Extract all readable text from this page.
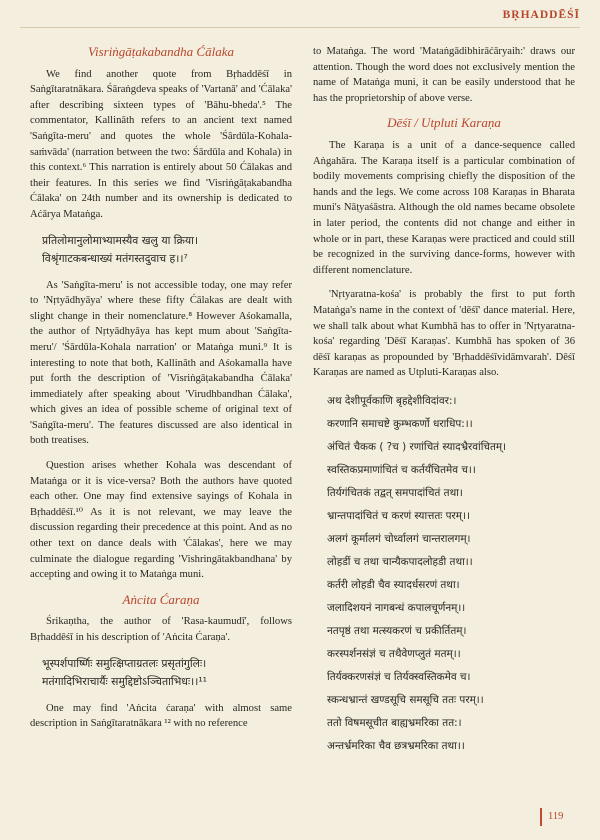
BṚHADDĒŚĪ
Visriṅgāṭakabandha Ćālaka

We find another quote from Bṛhaddēśī in Saṅgītaratnākara. Śāraṅgdeva speaks of 'Vartanā' and 'Ćālaka' after describing sixteen types of 'Bāhu-bheda'.⁵ The commentator, Kallināth refers to an ancient text named 'Saṅgīta-meru' and quotes the whole 'Śārdūla-Kohala-saṁvāda' (narration between the two: Śārdūla and Kohala) in this context.⁶ This narration is entirely about 50 Ćālakas and their features. In this series we find 'Visriṅgāṭakabandha Ćālaka' on 24th number and its ownership is dedicated to Aćārya Mataṅga.

प्रतिलोमानुलोमाभ्यामस्यैव खलु या क्रिया।
विश्रृंगाटकबन्धाख्यं मतंगस्तदुवाच ह।।⁷

As 'Saṅgīta-meru' is not accessible today, one may refer to 'Nṛtyādhyāya' where these fifty Ćālakas are dealt with slight change in their nomenclature.⁸ However Aśokamalla, the author of Nṛtyādhyāya has kept mum about 'Saṅgīta-meru'/ 'Śārdūla-Kohala narration' or Mataṅga muni.⁹ It is interesting to note that both, Kallināth and Aśokamalla have put forth the description of 'Visriṅgāṭakabandha Ćālaka' immediately after speaking about 'Virudhbandhan Ćālaka', which gives an idea of possible scheme of original text of 'Saṅgīta-meru'. The features discussed are also identical in both treatises.

Question arises whether Kohala was descendant of Mataṅga or it is vice-versa? Both the authors have quoted each other. One may find extensive sayings of Kohala in Bṛhaddēśī.¹⁰ As it is not relevant, we may leave the discussion regarding their precedence at this point. And as no other text on dance deals with 'Ćālakas', here we may culminate the dialogue regarding 'Vishringātakbandhana' by accepting and owing it to Mataṅga muni.

Aṅcita Ćaraṇa

Śrikaṇtha, the author of 'Rasa-kaumudī', follows Bṛhaddēśī in his description of 'Aṅcita Ćaraṇa'.

भूस्पर्शपार्ष्णिः समुत्क्षिप्ताग्रतलः प्रसृतांगुलिः।
मतंगादिभिराचार्यैः समुद्दिष्टोऽञ्चिताभिधः।।¹¹

One may find 'Aṅcita ćaraṇa' with almost same description in Saṅgītaratnākara ¹² with no reference

to Mataṅga. The word 'Mataṅgādibhirāćāryaih:' draws our attention. Though the word does not exclusively mention the name of Mataṅga muni, it can be easily understood that he has the proprietorship of above verse.

Dēśī / Utpluti Karaṇa

The Karaṇa is a unit of a dance-sequence called Aṅgahāra. The Karaṇa itself is a particular combination of bodily movements comprising chiefly the disposition of the hands and the legs. We come across 108 Karaṇas in Bharata muni's Nāṭyaśāstra. Although the old names became obsolete in later period, the contents did not change and either in whole or in part, these Karaṇas were practiced and could still be recognized in the surviving dance-forms, however with different nomenclature.

'Nṛtyaratna-kośa' is probably the first to put forth Mataṅga's name in the context of 'dēśī' dance material. Here, we shall talk about what Kumbhā has to offer in 'Nṛtyaratna-kośa' regarding 'Dēśī Karaṇas'. Kumbhā has spoken of 36 dēśī karaṇas as propounded by 'Bṛhaddēśīvidāmvarah'. Dēśī Karaṇas are named as Utpluti-Karaṇas also.

अथ देशीपूर्वकाणि बृहद्देशीविदांवर:।
करणानि समाचष्टे कुम्भकर्णो धराधिप:।।
अंचितं चैकक ( ?च ) रणांचितं स्यादभ्रैरवांचितम्।
स्वस्तिकप्रमाणांचितं च कर्तर्यंचितमेव च।।
तिर्यगंचितकं तद्वत् समपादांचितं तथा।
भ्रान्तपादांचितं च करणं स्यात्ततः परम्।।
अलगं कूर्मालगं चोर्ध्वालगं चान्तरालगम्।
लोहडीं च तथा चान्यैकपादलोहडी तथा।।
कर्तरी लोहडी चैव स्यादर्धसरणं तथा।
जलादिशयनं नागबन्धं कपालचूर्णनम्।।
नतपृष्ठं तथा मत्स्यकरणं च प्रकीर्तितम्।
करस्पर्शनसंज्ञं च तथैवेणप्लुतं मतम्।।
तिर्यक्करणसंज्ञं च तिर्यक्स्वस्तिकमेव च।
स्कन्धभ्रान्तं खण्डसूचि समसूचि ततः परम्।।
ततो विषमसूचीत बाह्यभ्रमरिका तत:।
अन्तर्भ्रमरिका चैव छत्रभ्रमरिका तथा।।
119
